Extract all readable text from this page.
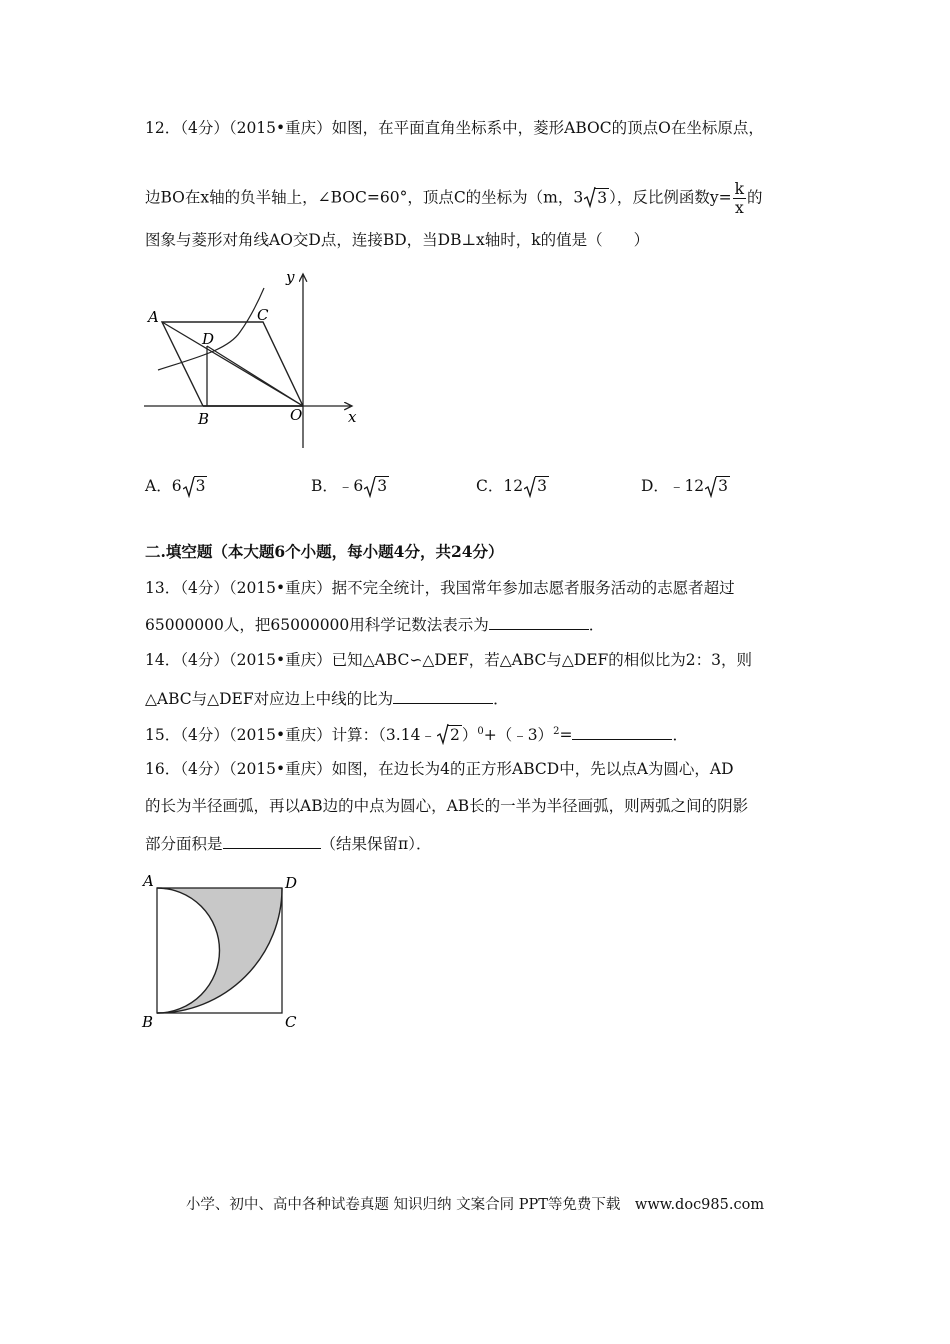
12．（4分）（2015•重庆）如图，在平面直角坐标系中，菱形ABOC的顶点O在坐标原点，
边BO在x轴的负半轴上，∠BOC=60°，顶点C的坐标为（m，3 3 ），反比例函数$y= \frac{k}{x}$ 的
图象与菱形对角线AO交D点，连接BD，当DB⊥x轴时，k的值是（　　）
y
x
A	C
D
B	O
A．6 3	B．﹣6 3	C．12 3	D．﹣12 3
二.填空题（本大题6个小题，每小题4分，共24分）
13．（4分）（2015•重庆）据不完全统计，我国常年参加志愿者服务活动的志愿者超过
65000000人，把65000000用科学记数法表示为	．
14．（4分）（2015•重庆）已知△ABC∽△DEF，若△ABC与△DEF的相似比为2：3，则
△ABC与△DEF对应边上中线的比为	．
15．（4分）（2015•重庆）计算：（3.14﹣ 2 ）$^0$+（﹣3）$^2$=	．
16．（4分）（2015•重庆）如图，在边长为4的正方形ABCD中，先以点A为圆心，AD
的长为半径画弧，再以AB边的中点为圆心，AB长的一半为半径画弧，则两弧之间的阴影
部分面积是	（结果保留π）．
A	D
B	C
小学、初中、高中各种试卷真题 知识归纳 文案合同 PPT等免费下载　www.doc985.com
